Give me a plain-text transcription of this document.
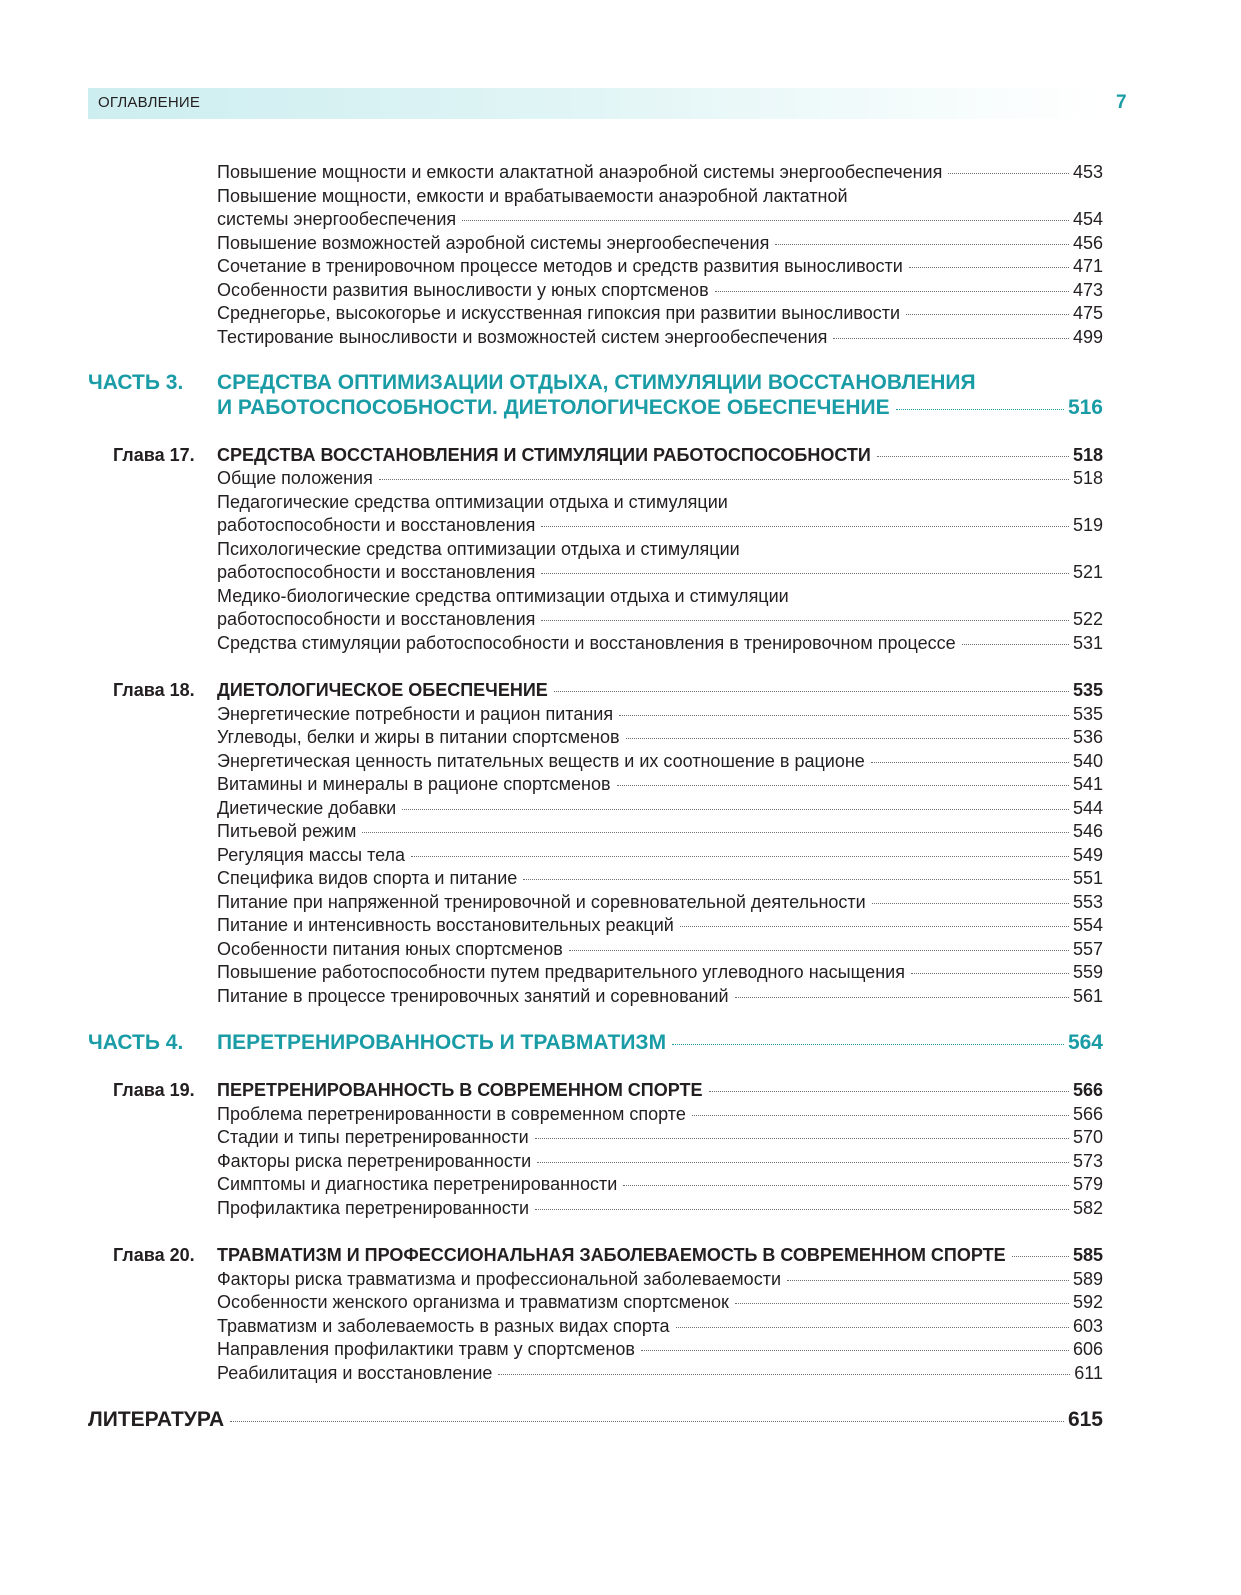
ОГЛАВЛЕНИЕ	7
Повышение мощности и емкости алактатной анаэробной системы энергообеспечения	453
Повышение мощности, емкости и врабатываемости анаэробной лактатной
системы энергообеспечения	454
Повышение возможностей аэробной системы энергообеспечения	456
Сочетание в тренировочном процессе методов и средств развития выносливости	471
Особенности развития выносливости у юных спортсменов	473
Среднегорье, высокогорье и искусственная гипоксия при развитии выносливости	475
Тестирование выносливости и возможностей систем энергообеспечения	499
ЧАСТЬ 3. СРЕДСТВА ОПТИМИЗАЦИИ ОТДЫХА, СТИМУЛЯЦИИ ВОССТАНОВЛЕНИЯ
И РАБОТОСПОСОБНОСТИ. ДИЕТОЛОГИЧЕСКОЕ ОБЕСПЕЧЕНИЕ	516
Глава 17. СРЕДСТВА ВОССТАНОВЛЕНИЯ И СТИМУЛЯЦИИ РАБОТОСПОСОБНОСТИ	518
Общие положения	518
Педагогические средства оптимизации отдыха и стимуляции
работоспособности и восстановления	519
Психологические средства оптимизации отдыха и стимуляции
работоспособности и восстановления	521
Медико-биологические средства оптимизации отдыха и стимуляции
работоспособности и восстановления	522
Средства стимуляции работоспособности и восстановления в тренировочном процессе	531
Глава 18. ДИЕТОЛОГИЧЕСКОЕ ОБЕСПЕЧЕНИЕ	535
Энергетические потребности и рацион питания	535
Углеводы, белки и жиры в питании спортсменов	536
Энергетическая ценность питательных веществ и их соотношение в рационе	540
Витамины и минералы в рационе спортсменов	541
Диетические добавки	544
Питьевой режим	546
Регуляция массы тела	549
Специфика видов спорта и питание	551
Питание при напряженной тренировочной и соревновательной деятельности	553
Питание и интенсивность восстановительных реакций	554
Особенности питания юных спортсменов	557
Повышение работоспособности путем предварительного углеводного насыщения	559
Питание в процессе тренировочных занятий и соревнований	561
ЧАСТЬ 4. ПЕРЕТРЕНИРОВАННОСТЬ И ТРАВМАТИЗМ	564
Глава 19. ПЕРЕТРЕНИРОВАННОСТЬ В СОВРЕМЕННОМ СПОРТЕ	566
Проблема перетренированности в современном спорте	566
Стадии и типы перетренированности	570
Факторы риска перетренированности	573
Симптомы и диагностика перетренированности	579
Профилактика перетренированности	582
Глава 20. ТРАВМАТИЗМ И ПРОФЕССИОНАЛЬНАЯ ЗАБОЛЕВАЕМОСТЬ В СОВРЕМЕННОМ СПОРТЕ	585
Факторы риска травматизма и профессиональной заболеваемости	589
Особенности женского организма и травматизм спортсменок	592
Травматизм и заболеваемость в разных видах спорта	603
Направления профилактики травм у спортсменов	606
Реабилитация и восстановление	611
ЛИТЕРАТУРА	615
